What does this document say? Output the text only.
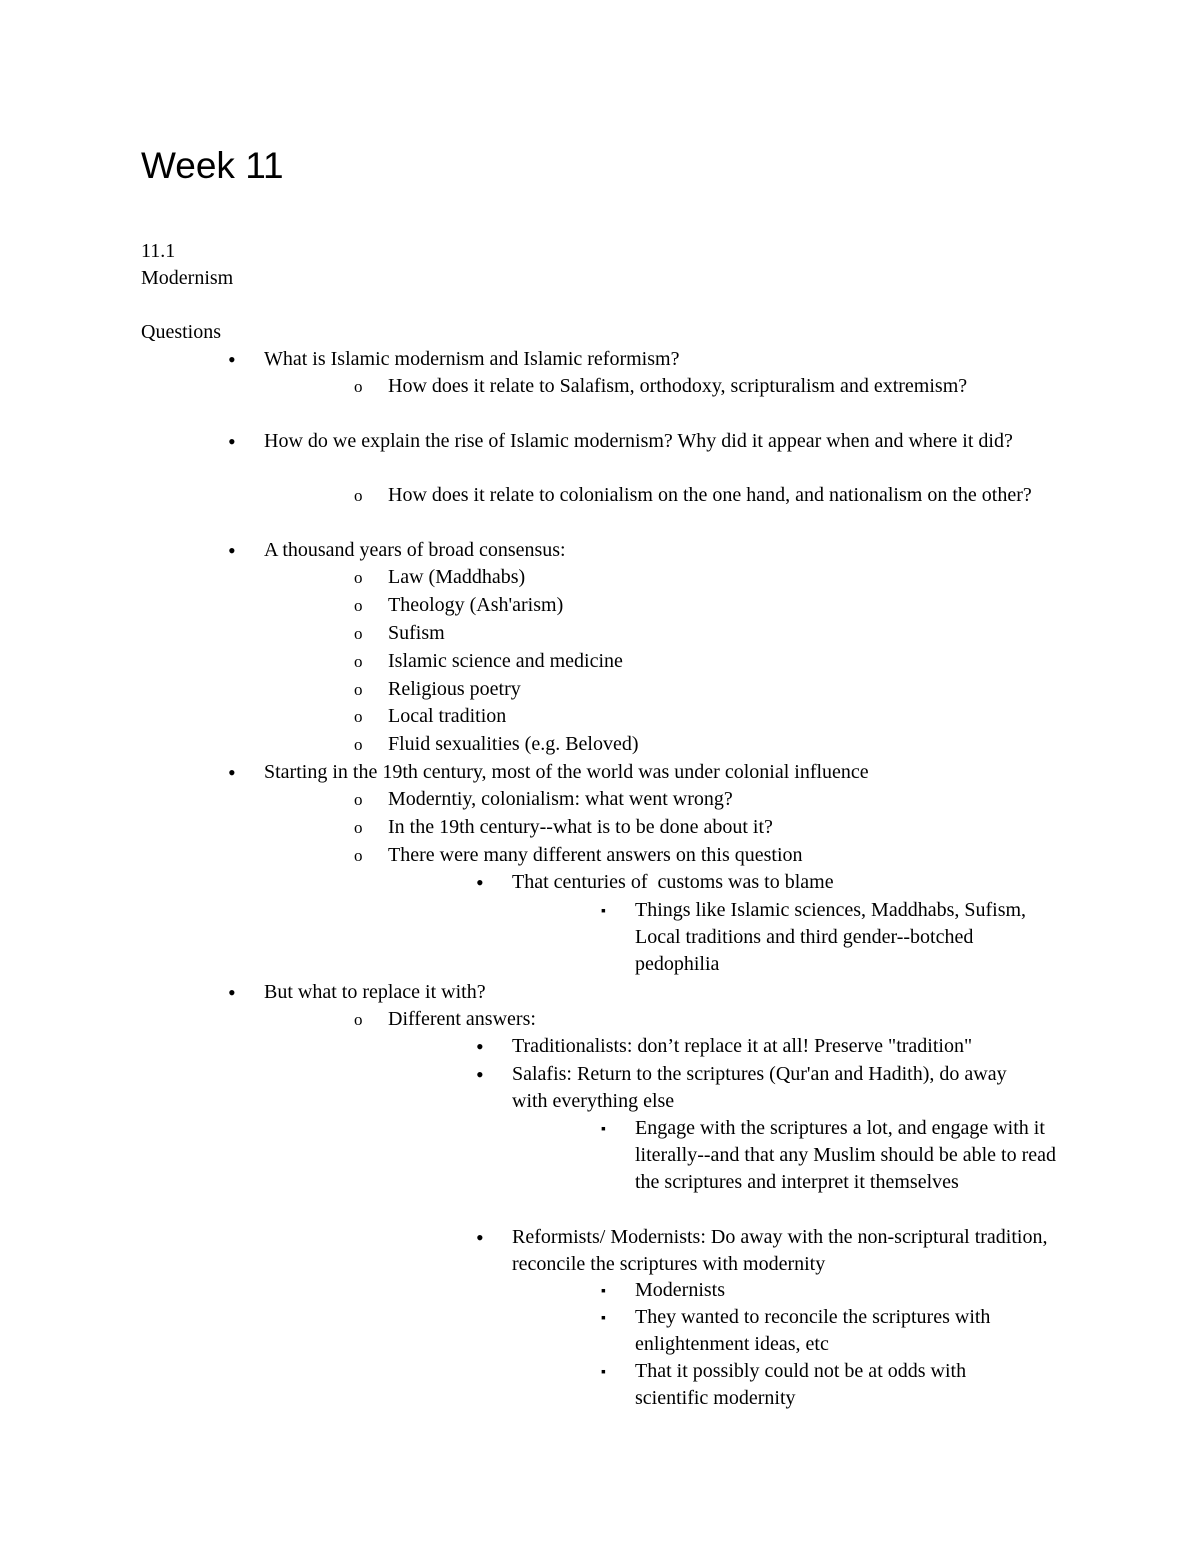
Week 11
11.1
Modernism
Questions
• What is Islamic modernism and Islamic reformism?
o How does it relate to Salafism, orthodoxy, scripturalism and extremism?
• How do we explain the rise of Islamic modernism? Why did it appear when and where it did?
o How does it relate to colonialism on the one hand, and nationalism on the other?
• A thousand years of broad consensus:
o Law (Maddhabs)
o Theology (Ash'arism)
o Sufism
o Islamic science and medicine
o Religious poetry
o Local tradition
o Fluid sexualities (e.g. Beloved)
• Starting in the 19th century, most of the world was under colonial influence
o Moderntiy, colonialism: what went wrong?
o In the 19th century--what is to be done about it?
o There were many different answers on this question
• That centuries of  customs was to blame
▪ Things like Islamic sciences, Maddhabs, Sufism, Local traditions and third gender--botched pedophilia
• But what to replace it with?
o Different answers:
• Traditionalists: don’t replace it at all! Preserve "tradition"
• Salafis: Return to the scriptures (Qur'an and Hadith), do away with everything else
▪ Engage with the scriptures a lot, and engage with it literally--and that any Muslim should be able to read the scriptures and interpret it themselves
• Reformists/ Modernists: Do away with the non-scriptural tradition, reconcile the scriptures with modernity
▪ Modernists
▪ They wanted to reconcile the scriptures with enlightenment ideas, etc
▪ That it possibly could not be at odds with scientific modernity
